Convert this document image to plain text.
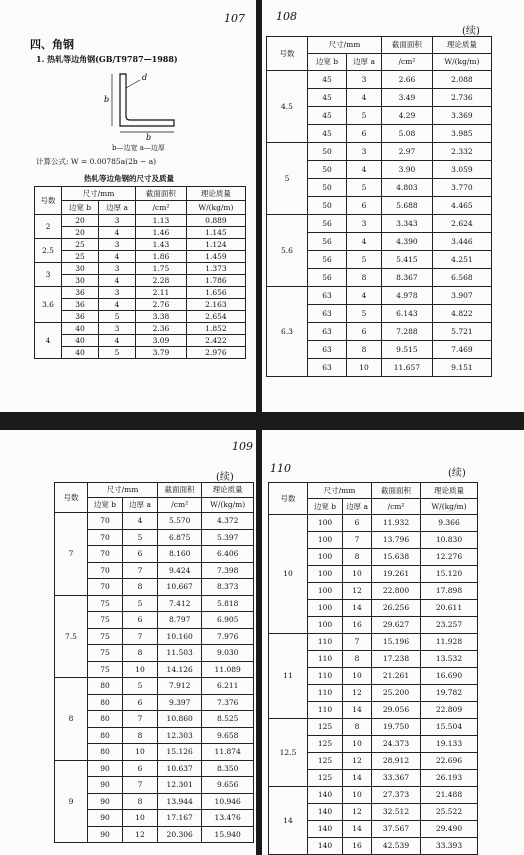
107
四、角钢
1. 热轧等边角钢(GB/T9787—1988)
d
b
b
b—边宽 a—边厚
计算公式: W = 0.00785a(2b − a)
热轧等边角钢的尺寸及质量
号数	尺寸/mm		截面面积	理论质量
	边宽 b	边厚 a	/cm²	W/(kg/m)
2	20	3	1.13	0.889
	20	4	1.46	1.145
2.5	25	3	1.43	1.124
	25	4	1.86	1.459
3	30	3	1.75	1.373
	30	4	2.28	1.786
3.6	36	3	2.11	1.656
	36	4	2.76	2.163
	36	5	3.38	2.654
4	40	3	2.36	1.852
	40	4	3.09	2.422
	40	5	3.79	2.976
108
(续)
号数	尺寸/mm		截面面积	理论质量
	边宽 b	边厚 a	/cm²	W/(kg/m)
4.5	45	3	2.66	2.088
	45	4	3.49	2.736
	45	5	4.29	3.369
	45	6	5.08	3.985
5	50	3	2.97	2.332
	50	4	3.90	3.059
	50	5	4.803	3.770
	50	6	5.688	4.465
5.6	56	3	3.343	2.624
	56	4	4.390	3.446
	56	5	5.415	4.251
	56	8	8.367	6.568
6.3	63	4	4.978	3.907
	63	5	6.143	4.822
	63	6	7.288	5.721
	63	8	9.515	7.469
	63	10	11.657	9.151
109
(续)
号数	尺寸/mm		截面面积	理论质量
	边宽 b	边厚 a	/cm²	W/(kg/m)
7	70	4	5.570	4.372
	70	5	6.875	5.397
	70	6	8.160	6.406
	70	7	9.424	7.398
	70	8	10.667	8.373
7.5	75	5	7.412	5.818
	75	6	8.797	6.905
	75	7	10.160	7.976
	75	8	11.503	9.030
	75	10	14.126	11.089
8	80	5	7.912	6.211
	80	6	9.397	7.376
	80	7	10.860	8.525
	80	8	12.303	9.658
	80	10	15.126	11.874
9	90	6	10.637	8.350
	90	7	12.301	9.656
	90	8	13.944	10.946
	90	10	17.167	13.476
	90	12	20.306	15.940
110	(续)
号数	尺寸/mm		截面面积	理论质量
	边宽 b	边厚 a	/cm²	W/(kg/m)
10	100	6	11.932	9.366
	100	7	13.796	10.830
	100	8	15.638	12.276
	100	10	19.261	15.120
	100	12	22.800	17.898
	100	14	26.256	20.611
	100	16	29.627	23.257
11	110	7	15.196	11.928
	110	8	17.238	13.532
	110	10	21.261	16.690
	110	12	25.200	19.782
	110	14	29.056	22.809
12.5	125	8	19.750	15.504
	125	10	24.373	19.133
	125	12	28.912	22.696
	125	14	33.367	26.193
14	140	10	27.373	21.488
	140	12	32.512	25.522
	140	14	37.567	29.490
	140	16	42.539	33.393
